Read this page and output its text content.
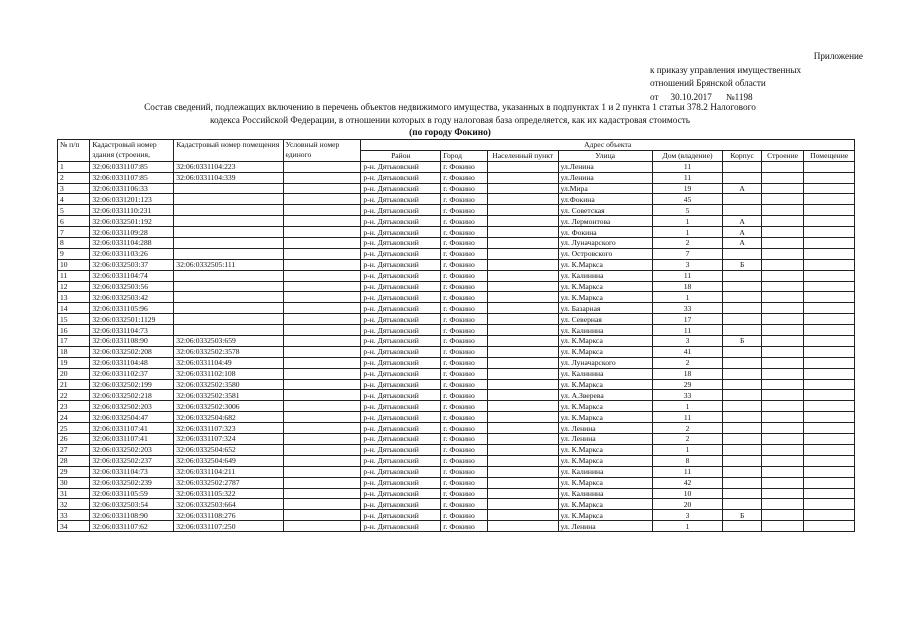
Приложение
к приказу управления имущественных
отношений Брянской области
от 30.10.2017 №1198
Состав сведений, подлежащих включению в перечень объектов недвижимого имущества, указанных в подпунктах 1 и 2 пункта 1 статьи 378.2 Налогового
кодекса Российской Федерации, в отношении которых в году налоговая база определяется, как их кадастровая стоимость
(по городу Фокино)
№ п/п	Кадастровый номер здания (строения,	Кадастровый номер помещения	Условный номер единого	Адрес объекта							
				Район	Город	Населенный пункт	Улица	Дом (владение)	Корпус	Строение	Помещение
1	32:06:0331107:85	32:06:0331104:223		р-н. Дятьковский	г. Фокино		ул.Ленина	11			
2	32:06:0331107:85	32:06:0331104:339		р-н. Дятьковский	г. Фокино		ул.Ленина	11			
3	32:06:0331106:33			р-н. Дятьковский	г. Фокино		ул.Мира	19	А		
4	32:06:0331201:123			р-н. Дятьковский	г. Фокино		ул.Фокина	45			
5	32:06:0331110:231			р-н. Дятьковский	г. Фокино		ул. Советская	5			
6	32:06:0332501:192			р-н. Дятьковский	г. Фокино		ул. Лермонтова	1	А		
7	32:06:0331109:28			р-н. Дятьковский	г. Фокино		ул. Фокина	1	А		
8	32:06:0331104:288			р-н. Дятьковский	г. Фокино		ул. Луначарского	2	А		
9	32:06:0331103:26			р-н. Дятьковский	г. Фокино		ул. Островского	7			
10	32:06:0332503:37	32:06:0332505:111		р-н. Дятьковский	г. Фокино		ул. К.Маркса	3	Б		
11	32:06:0331104:74			р-н. Дятьковский	г. Фокино		ул. Калинина	11			
12	32:06:0332503:56			р-н. Дятьковский	г. Фокино		ул. К.Маркса	18			
13	32:06:0332503:42			р-н. Дятьковский	г. Фокино		ул. К.Маркса	1			
14	32:06:0331105:96			р-н. Дятьковский	г. Фокино		ул. Базарная	33			
15	32:06:0332501:1129			р-н. Дятьковский	г. Фокино		ул. Северная	17			
16	32:06:0331104:73			р-н. Дятьковский	г. Фокино		ул. Калинина	11			
17	32:06:0331108:90	32:06:0332503:659		р-н. Дятьковский	г. Фокино		ул. К.Маркса	3	Б		
18	32:06:0332502:208	32:06:0332502:3578		р-н. Дятьковский	г. Фокино		ул. К.Маркса	41			
19	32:06:0331104:48	32:06:0331104:49		р-н. Дятьковский	г. Фокино		ул. Луначарского	2			
20	32:06:0331102:37	32:06:0331102:108		р-н. Дятьковский	г. Фокино		ул. Калинина	18			
21	32:06:0332502:199	32:06:0332502:3580		р-н. Дятьковский	г. Фокино		ул. К.Маркса	29			
22	32:06:0332502:218	32:06:0332502:3581		р-н. Дятьковский	г. Фокино		ул. А.Зверева	33			
23	32:06:0332502:203	32:06:0332502:3006		р-н. Дятьковский	г. Фокино		ул. К.Маркса	1			
24	32:06:0332504:47	32:06:0332504:682		р-н. Дятьковский	г. Фокино		ул. К.Маркса	11			
25	32:06:0331107:41	32:06:0331107:323		р-н. Дятьковский	г. Фокино		ул. Ленина	2			
26	32:06:0331107:41	32:06:0331107:324		р-н. Дятьковский	г. Фокино		ул. Ленина	2			
27	32:06:0332502:203	32:06:0332504:652		р-н. Дятьковский	г. Фокино		ул. К.Маркса	1			
28	32:06:0332502:237	32:06:0332504:649		р-н. Дятьковский	г. Фокино		ул. К.Маркса	8			
29	32:06:0331104:73	32:06:0331104:211		р-н. Дятьковский	г. Фокино		ул. Калинина	11			
30	32:06:0332502:239	32:06:0332502:2787		р-н. Дятьковский	г. Фокино		ул. К.Маркса	42			
31	32:06:0331105:59	32:06:0331105:322		р-н. Дятьковский	г. Фокино		ул. Калинина	10			
32	32:06:0332503:54	32:06:0332503:664		р-н. Дятьковский	г. Фокино		ул. К.Маркса	20			
33	32:06:0331108:90	32:06:0331108:276		р-н. Дятьковский	г. Фокино		ул. К.Маркса	3	Б		
34	32:06:0331107:62	32:06:0331107:250		р-н. Дятьковский	г. Фокино		ул. Ленина	1			
